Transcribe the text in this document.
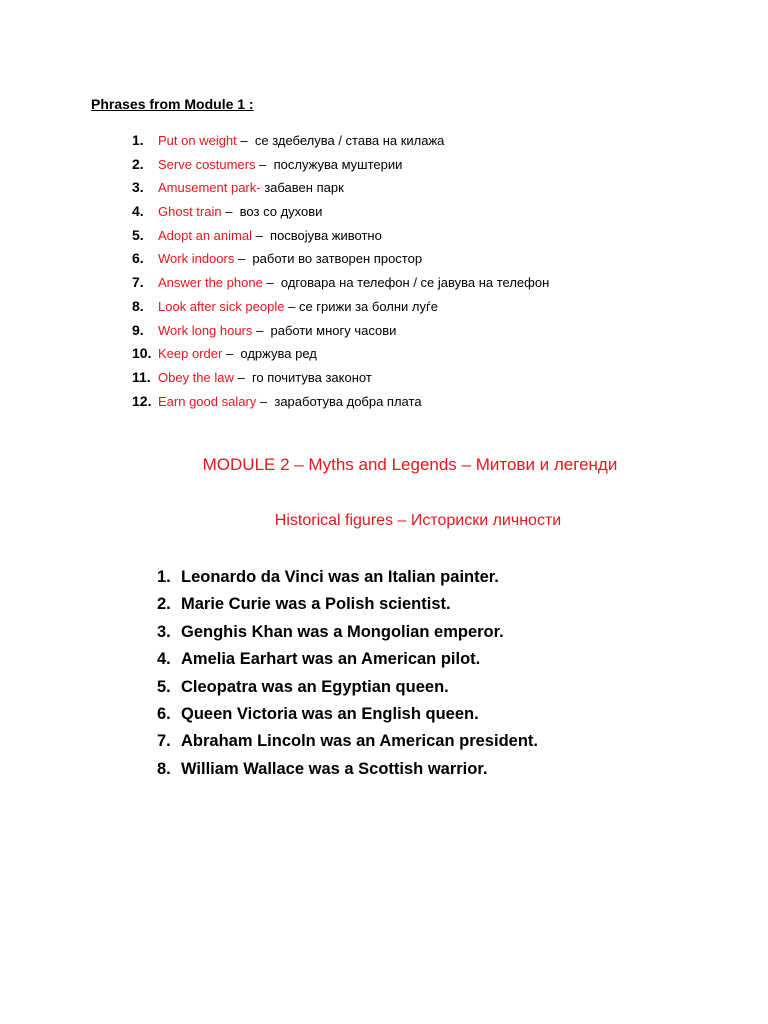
Phrases from Module 1 :
1.	Put on weight – се здебелува / става на килажа
2.	Serve costumers – послужува муштерии
3.	Amusement park-
забавен парк
4.	Ghost train – воз со духови
5.	Adopt an animal – посвојува животно
6.	Work indoors – работи во затворен простор
7.	Answer the phone – одговара на телефон / се јавува на телефон
8.	Look after sick people – се грижи за болни луѓе
9.	Work long hours – работи многу часови
10. Keep order – одржува ред
11. Obey the law – го почитува законот
12. Earn good salary – заработува добра плата
MODULE 2 – Myths and Legends – Митови и легенди
Historical figures – Историски личности
1. Leonardo da Vinci was an Italian painter.
2. Marie Curie was a Polish scientist.
3. Genghis Khan was a Mongolian emperor.
4. Amelia Earhart was an American pilot.
5. Cleopatra was an Egyptian queen.
6. Queen Victoria was an English queen.
7. Abraham Lincoln was an American president.
8. William Wallace was a Scottish warrior.
